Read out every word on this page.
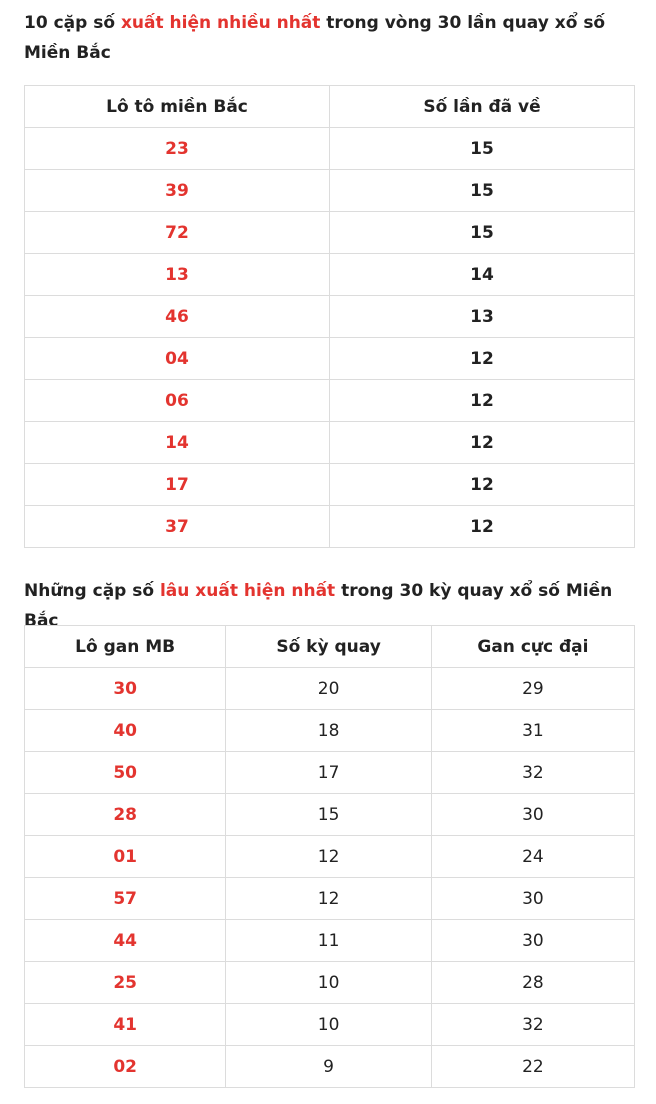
10 cặp số xuất hiện nhiều nhất trong vòng 30 lần quay xổ số Miền Bắc
Lô tô miền Bắc	Số lần đã về
23	15
39	15
72	15
13	14
46	13
04	12
06	12
14	12
17	12
37	12
Những cặp số lâu xuất hiện nhất trong 30 kỳ quay xổ số Miền Bắc
Lô gan MB	Số kỳ quay	Gan cực đại
30	20	29
40	18	31
50	17	32
28	15	30
01	12	24
57	12	30
44	11	30
25	10	28
41	10	32
02	9	22
